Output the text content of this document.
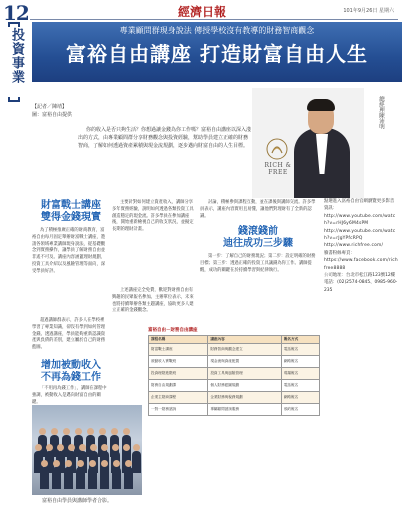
12	經濟日報	101年9月26日 星期六
投資事業	專業顧問群現身說法 傳授學校沒有教導的財務智商觀念
富裕自由講座 打造財富自由人生
【記者／陳靖】
圖：富裕自由提供
你的收入是否只夠生活？你想過讓金錢為你工作嗎？富裕自由講座以深入淺出的方式，由專業顧問群分享財務觀念與投資經驗，幫助學員建立正確的財務智商，了解如何透過資產累積與現金流規劃，逐步邁向財富自由的人生目標。
RICH & FREE
總經理陳沛明
財富戰士講座
雙得金錢現實

為了積極推廣正確的財商教育，富裕自由每月固定舉辦財富戰士講座，邀請各領域專業講師現身說法，從基礎觀念到實務操作，讓學員了解財務自由並非遙不可及。講座內容涵蓋理財規劃、投資工具介紹以及風險管理等面向，深受學員好評。

超過講師群表示，許多人在學校裡學習了專業知識，卻沒有學到如何管理金錢。透過講座，學員能夠重新認識資產與負債的差別，建立屬於自己的財務藍圖。

增加被動收入
不再為錢工作

「不用再為錢工作」，講師在課程中強調，被動收入是邁向財富自由的關鍵。

主要針對如何建立資產收入，講師分享多年實務經驗，說明如何透過各類投資工具創造穩定的現金流。許多學員在參加講座後，開始重新檢視自己的收支狀況，並擬定長期的理財計畫。

上述講座完全免費，歡迎對財務自由有興趣的民眾報名參加。主辦單位表示，未來也將持續舉辦各類主題講座，協助更多人建立正確的金錢觀念。

討論，積極參與課程互動，並在課後與講師交流。許多學員表示，講座內容實用且易懂，讓他們對理財有了全新的認識。

錢滾錢前
迪往成功三步驟

第一步：了解自己的財務現況；第二步：設定明確的財務目標；第三步：透過正確的投資工具讓錢為你工作。講師提醒，成功的關鍵在於持續學習與紀律執行。

點選進入富裕自由官網瀏覽更多影音資訊：
http://www.youtube.com/watch?v=rHJ6y6M4sPM
http://www.youtube.com/watch?v=rJgYPfcRPQ
http://www.richfree.com/
臉書粉絲專頁：
https://www.facebook.com/richfree8888
公司地址：台北市松江路123號12樓
電話：(02)2574-0845、0985-960-235
富裕自由－財務自由講座
課程名稱	講座內容	報名方式
財富戰士講座	財務智商與觀念建立	電話報名
被動收入實戰班	現金流與資產配置	網路報名
投資理財進階班	投資工具與風險管理	現場報名
財務自由規劃課	個人財務藍圖規劃	電話報名
企業主財商課程	企業財務與稅務規劃	網路報名
一對一財務諮詢	專屬顧問諮詢服務	預約報名
富裕自由學員與講師學者合影。
